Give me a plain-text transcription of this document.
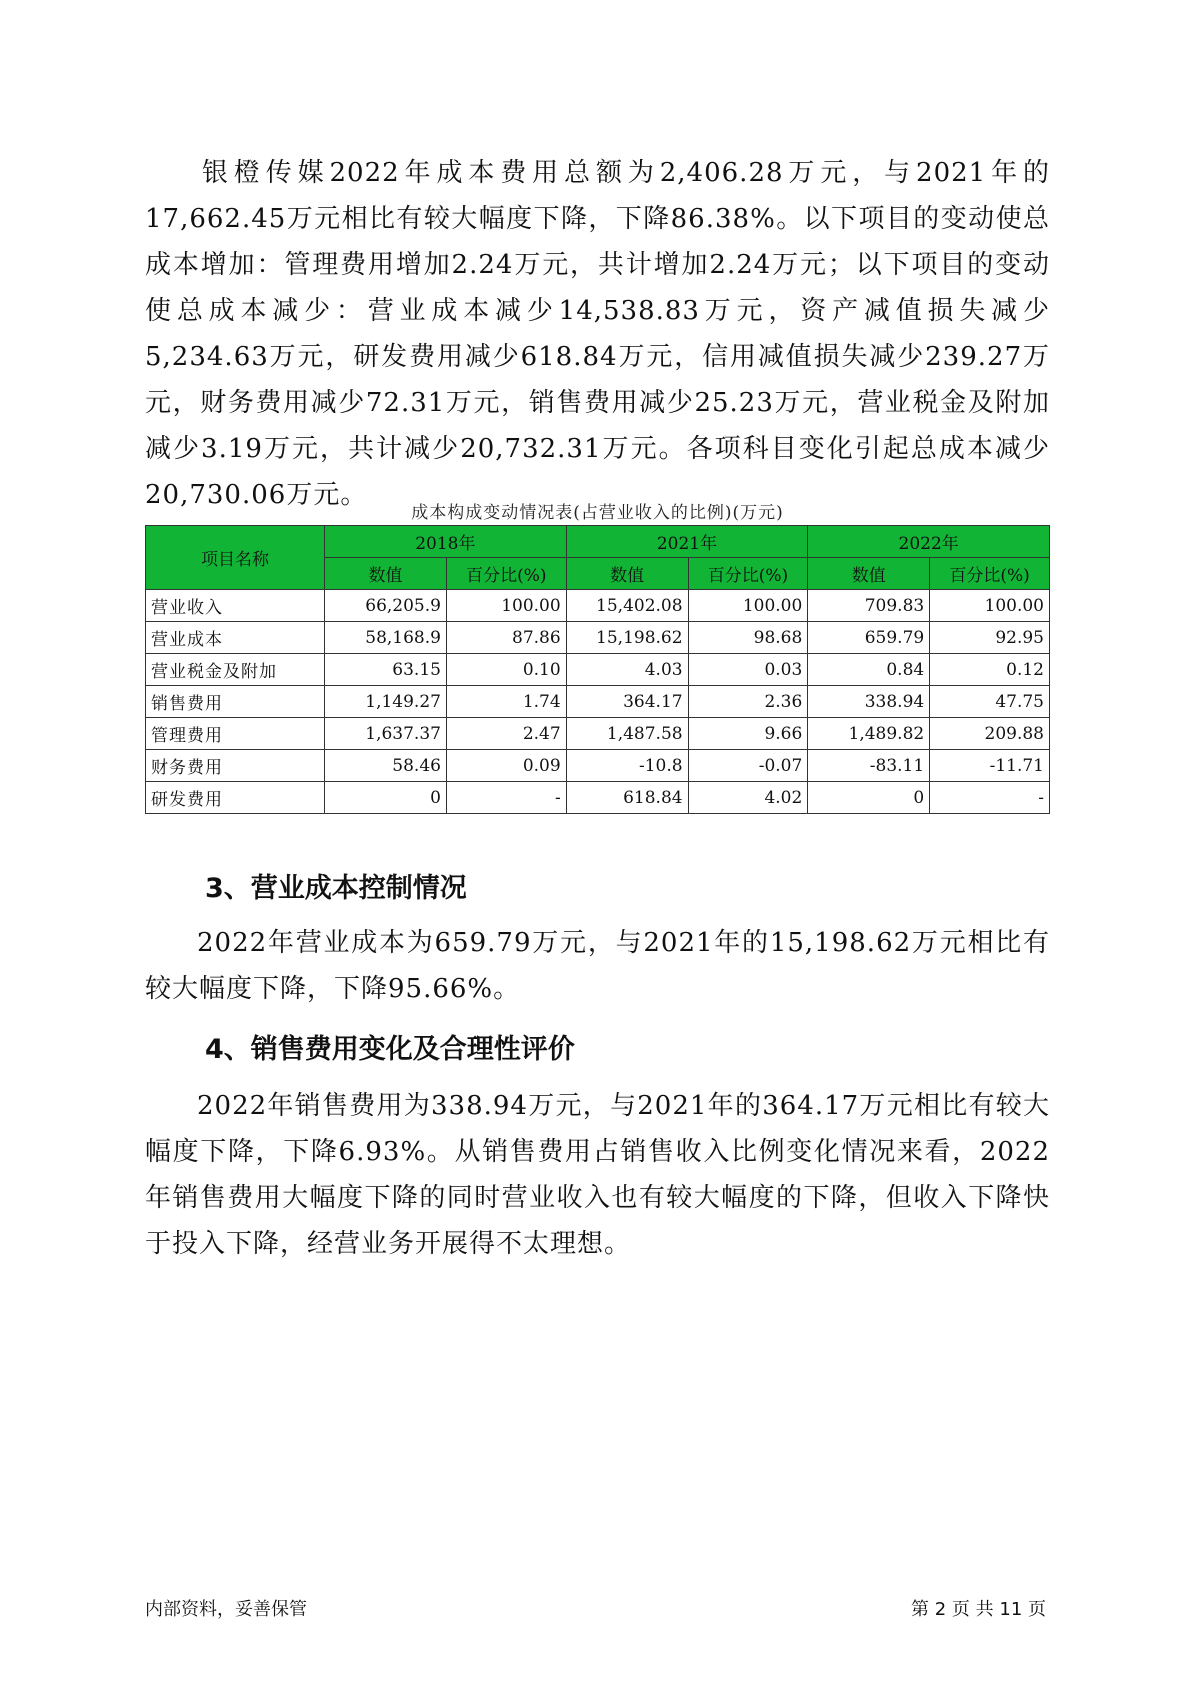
银橙传媒2022年成本费用总额为2,406.28万元，与2021年的17,662.45万元相比有较大幅度下降，下降86.38%。以下项目的变动使总成本增加：管理费用增加2.24万元，共计增加2.24万元；以下项目的变动使总成本减少：营业成本减少14,538.83万元，资产减值损失减少5,234.63万元，研发费用减少618.84万元，信用减值损失减少239.27万元，财务费用减少72.31万元，销售费用减少25.23万元，营业税金及附加减少3.19万元，共计减少20,732.31万元。各项科目变化引起总成本减少20,730.06万元。

成本构成变动情况表(占营业收入的比例)(万元)
项目名称	2018年		2021年		2022年	
	数值	百分比(%)	数值	百分比(%)	数值	百分比(%)
营业收入	66,205.9	100.00	15,402.08	100.00	709.83	100.00
营业成本	58,168.9	87.86	15,198.62	98.68	659.79	92.95
营业税金及附加	63.15	0.10	4.03	0.03	0.84	0.12
销售费用	1,149.27	1.74	364.17	2.36	338.94	47.75
管理费用	1,637.37	2.47	1,487.58	9.66	1,489.82	209.88
财务费用	58.46	0.09	-10.8	-0.07	-83.11	-11.71
研发费用	0	-	618.84	4.02	0	-
3、营业成本控制情况

2022年营业成本为659.79万元，与2021年的15,198.62万元相比有较大幅度下降，下降95.66%。

4、销售费用变化及合理性评价

2022年销售费用为338.94万元，与2021年的364.17万元相比有较大幅度下降，下降6.93%。从销售费用占销售收入比例变化情况来看，2022年销售费用大幅度下降的同时营业收入也有较大幅度的下降，但收入下降快于投入下降，经营业务开展得不太理想。

内部资料，妥善保管	第 2 页 共 11 页
